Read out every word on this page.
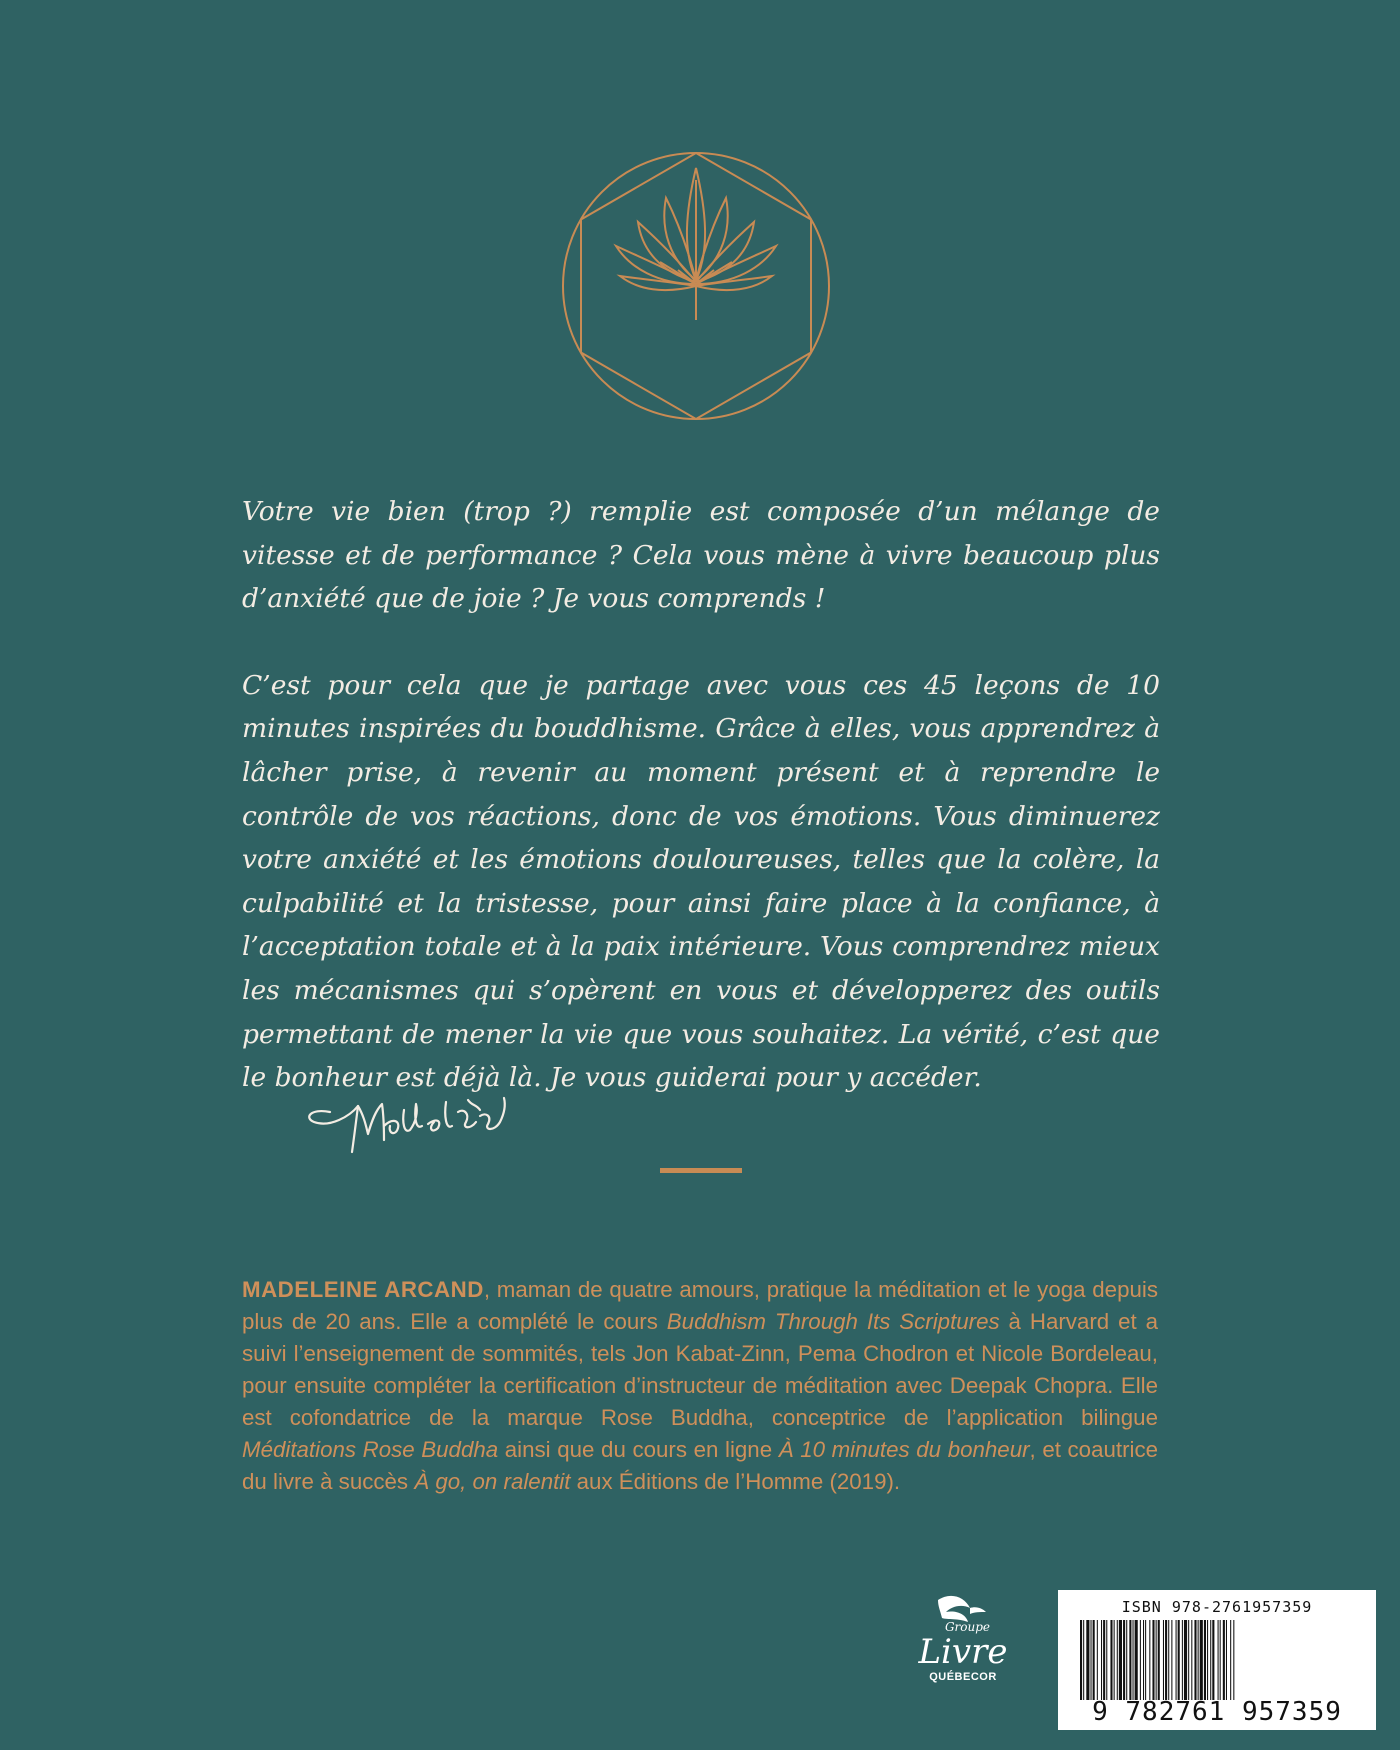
Votre vie bien (trop ?) remplie est composée d’un mélange de vitesse et de performance ? Cela vous mène à vivre beaucoup plus d’anxiété que de joie ? Je vous comprends !

C’est pour cela que je partage avec vous ces 45 leçons de 10 minutes inspirées du bouddhisme. Grâce à elles, vous apprendrez à lâcher prise, à revenir au moment présent et à reprendre le contrôle de vos réactions, donc de vos émotions. Vous diminuerez votre anxiété et les émotions douloureuses, telles que la colère, la culpabilité et la tristesse, pour ainsi faire place à la confiance, à l’acceptation totale et à la paix intérieure. Vous comprendrez mieux les mécanismes qui s’opèrent en vous et développerez des outils permettant de mener la vie que vous souhaitez. La vérité, c’est que le bonheur est déjà là. Je vous guiderai pour y accéder.

MADELEINE ARCAND, maman de quatre amours, pratique la méditation et le yoga depuis plus de 20 ans. Elle a complété le cours Buddhism Through Its Scriptures à Harvard et a suivi l’enseignement de sommités, tels Jon Kabat-Zinn, Pema Chodron et Nicole Bordeleau, pour ensuite compléter la certification d’instructeur de méditation avec Deepak Chopra. Elle est cofondatrice de la marque Rose Buddha, conceptrice de l’application bilingue Méditations Rose Buddha ainsi que du cours en ligne À 10 minutes du bonheur, et coautrice du livre à succès À go, on ralentit aux Éditions de l’Homme (2019).
Groupe
Livre
QUÉBECOR
ISBN 978-2761957359
9 782761 957359
